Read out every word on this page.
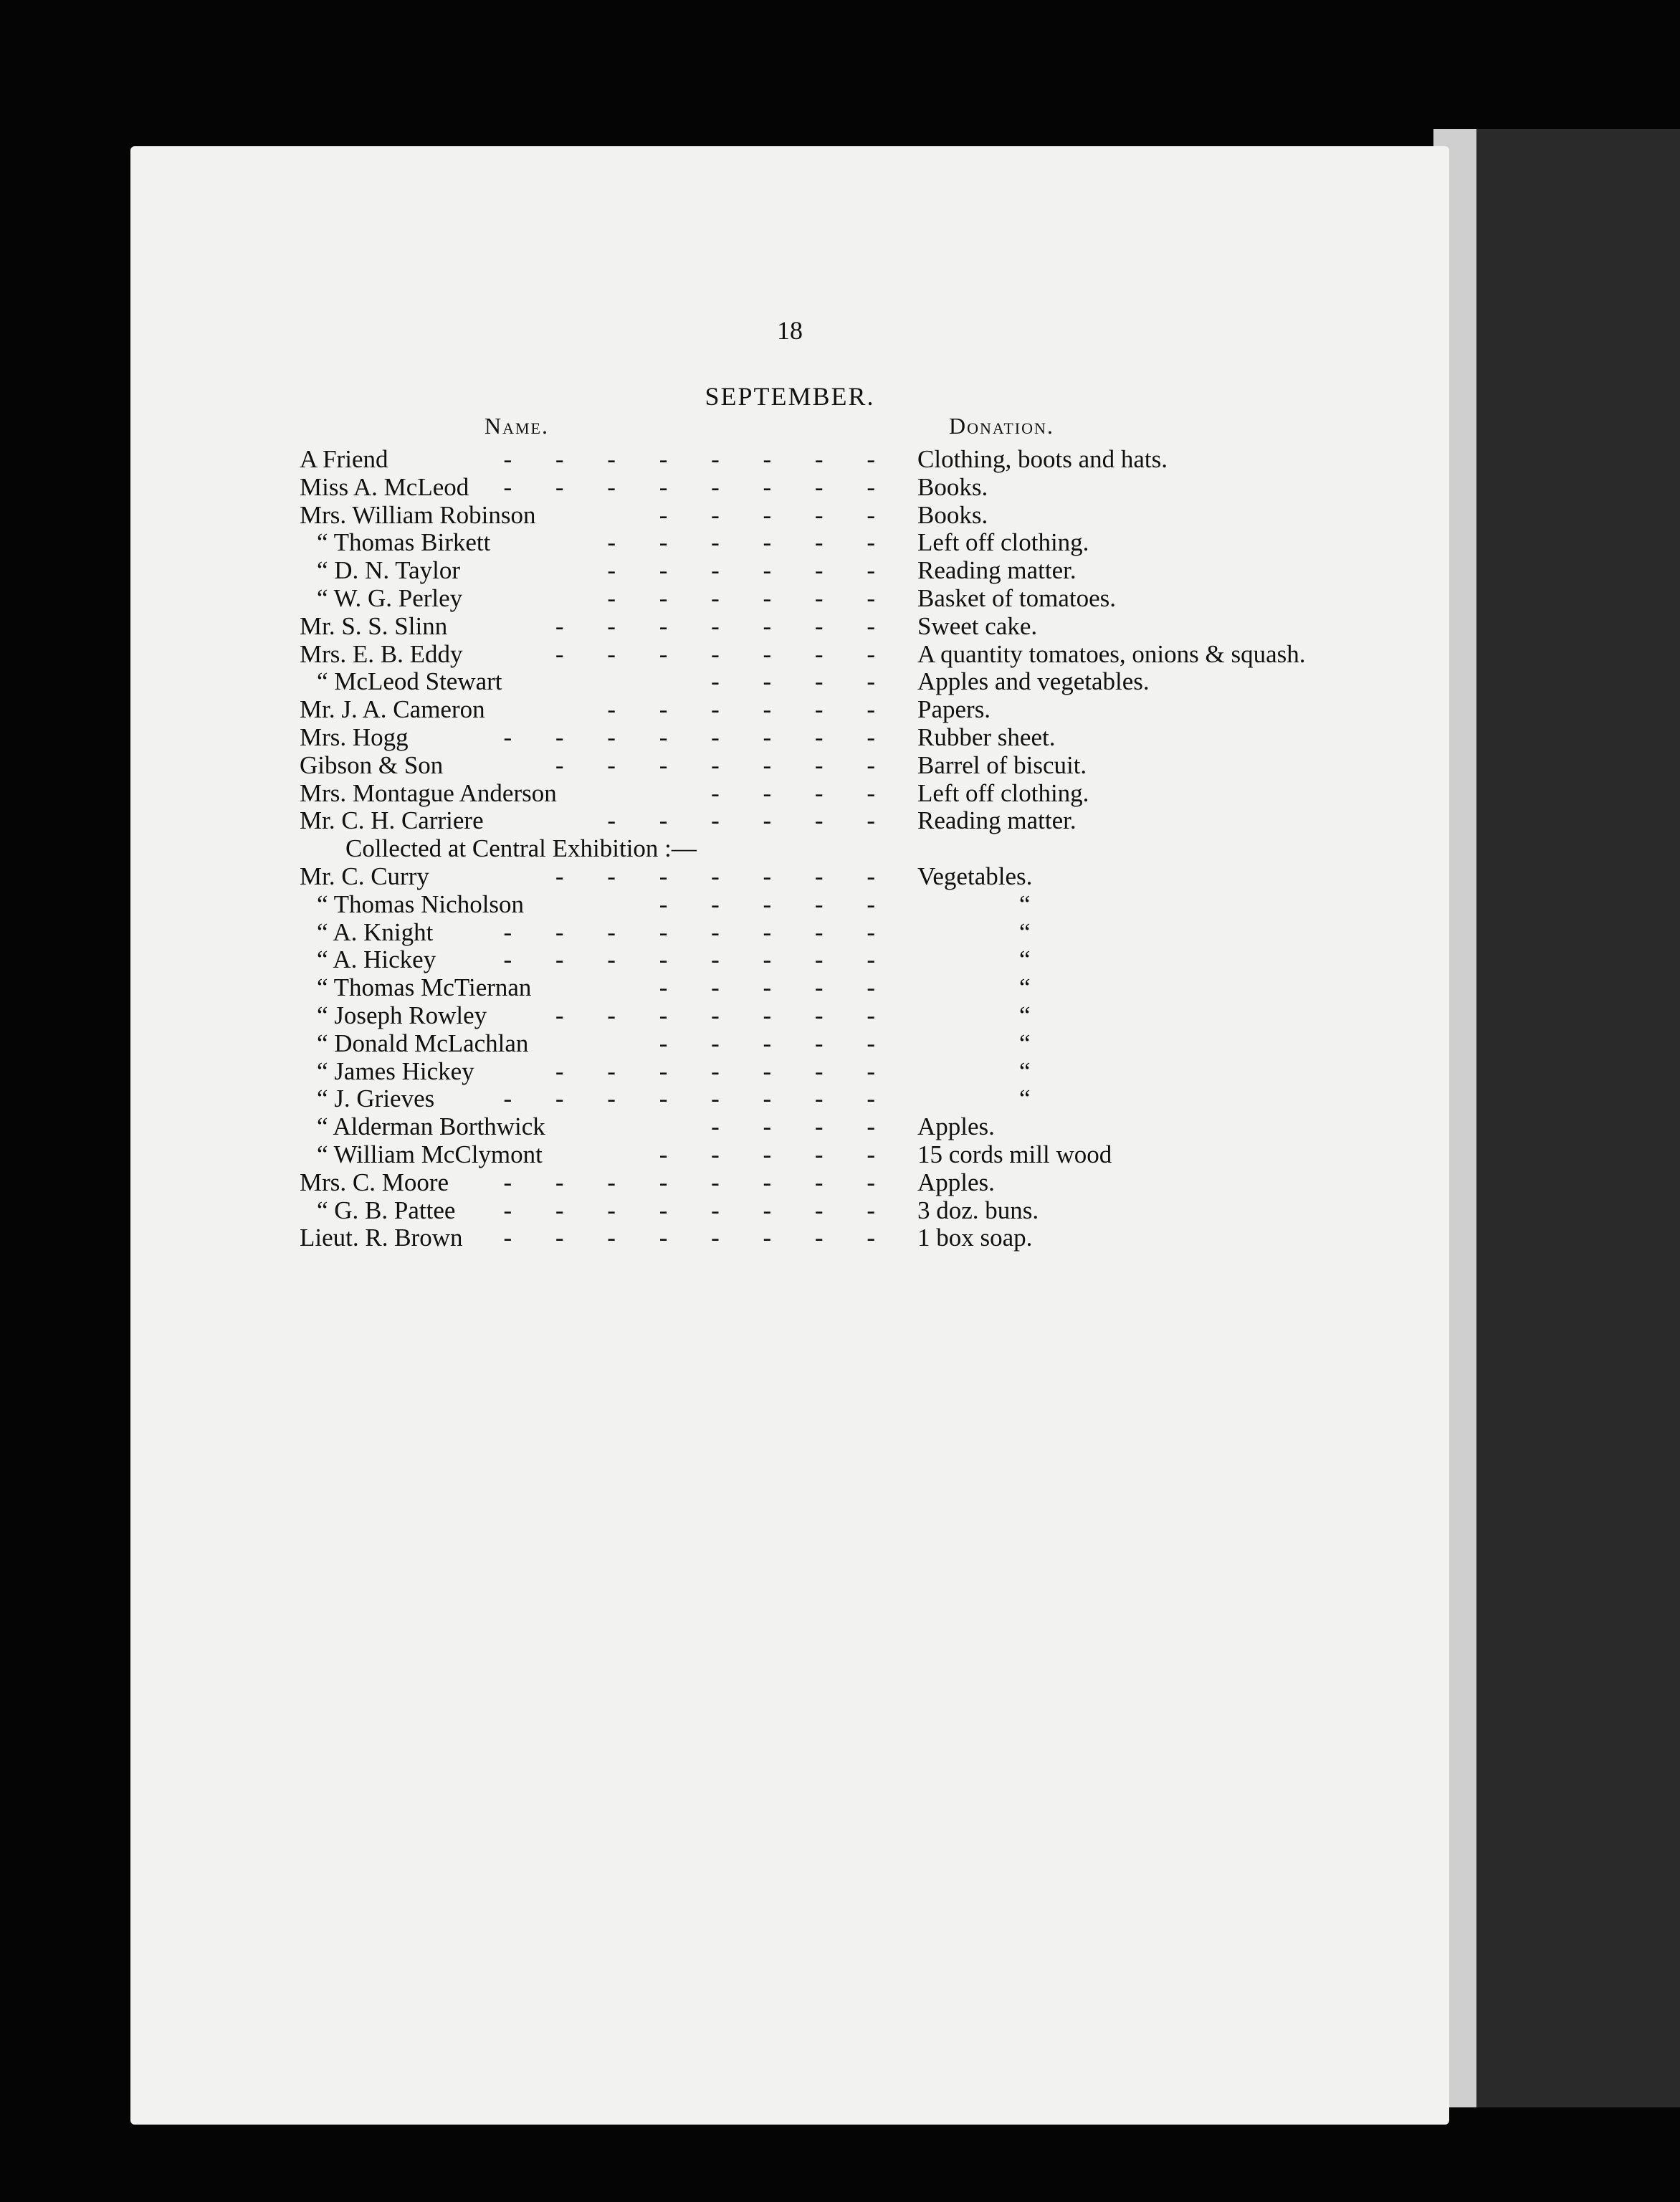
18
SEPTEMBER.
Name.	Donation.
A Friend	- - - - - - - - Clothing, boots and hats.
Miss A. McLeod	- - - - - - - - Books.
Mrs. William Robinson	- - - - - Books.
“ Thomas Birkett	- - - - - - Left off clothing.
“ D. N. Taylor	- - - - - - Reading matter.
“ W. G. Perley	- - - - - - Basket of tomatoes.
Mr. S. S. Slinn	- - - - - - - Sweet cake.
Mrs. E. B. Eddy	- - - - - - - A quantity tomatoes, onions & squash.
“ McLeod Stewart	- - - - Apples and vegetables.
Mr. J. A. Cameron	- - - - - - Papers.
Mrs. Hogg	- - - - - - - - Rubber sheet.
Gibson & Son	- - - - - - - Barrel of biscuit.
Mrs. Montague Anderson	- - - - Left off clothing.
Mr. C. H. Carriere	- - - - - - Reading matter.
Collected at Central Exhibition :—
Mr. C. Curry	- - - - - - - Vegetables.
“ Thomas Nicholson	- - - - -	“
“ A. Knight	- - - - - - - -	“
“ A. Hickey	- - - - - - - -	“
“ Thomas McTiernan	- - - - -	“
“ Joseph Rowley	- - - - - - -	“
“ Donald McLachlan	- - - - -	“
“ James Hickey	- - - - - - -	“
“ J. Grieves	- - - - - - - -	“
“ Alderman Borthwick	- - - - Apples.
“ William McClymont	- - - - - 15 cords mill wood
Mrs. C. Moore	- - - - - - - - Apples.
“ G. B. Pattee	- - - - - - - - 3 doz. buns.
Lieut. R. Brown	- - - - - - - - 1 box soap.
